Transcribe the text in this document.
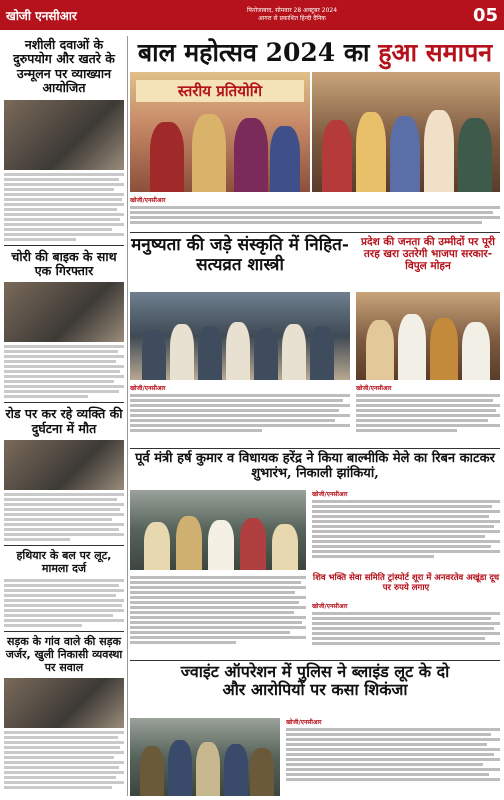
खोजी एनसीआर	फिरोजाबाद, सोमवार 28 अक्टूबर 2024
आगरा से प्रकाशित हिन्दी दैनिक	05
नशीली दवाओं के दुरुपयोग और खतरे के उन्मूलन पर व्याख्यान आयोजित
चोरी की बाइक के साथ एक गिरफ्तार
रोड पर कर रहे व्यक्ति की दुर्घटना में मौत
हथियार के बल पर लूट, मामला दर्ज
सड़क के गांव वाले की सड़क जर्जर, खुली निकासी व्यवस्था पर सवाल
बाल महोत्सव 2024 का हुआ समापन
स्तरीय प्रतियोगि
खोजी/एनसीआर
मनुष्यता की जड़े संस्कृति में निहित-सत्यव्रत शास्त्री
प्रदेश की जनता की उम्मीदों पर पूरी तरह खरा उतरेगी भाजपा सरकार-विपुल मोहन
खोजी/एनसीआर	खोजी/एनसीआर
पूर्व मंत्री हर्ष कुमार व विधायक हरेंद्र ने किया बाल्मीकि मेले का रिबन काटकर शुभारंभ, निकाली झांकियां,
खोजी/एनसीआर
शिव भक्ति सेवा समिति ट्रांस्पोर्ट शूरा में अनवरतेव अखूंडा दूध पर रुपये लगाए
खोजी/एनसीआर
ज्वाइंट ऑपरेशन में पुलिस ने ब्लाइंड लूट के दो
और आरोपियों पर कसा शिकंजा
खोजी/एनसीआर
